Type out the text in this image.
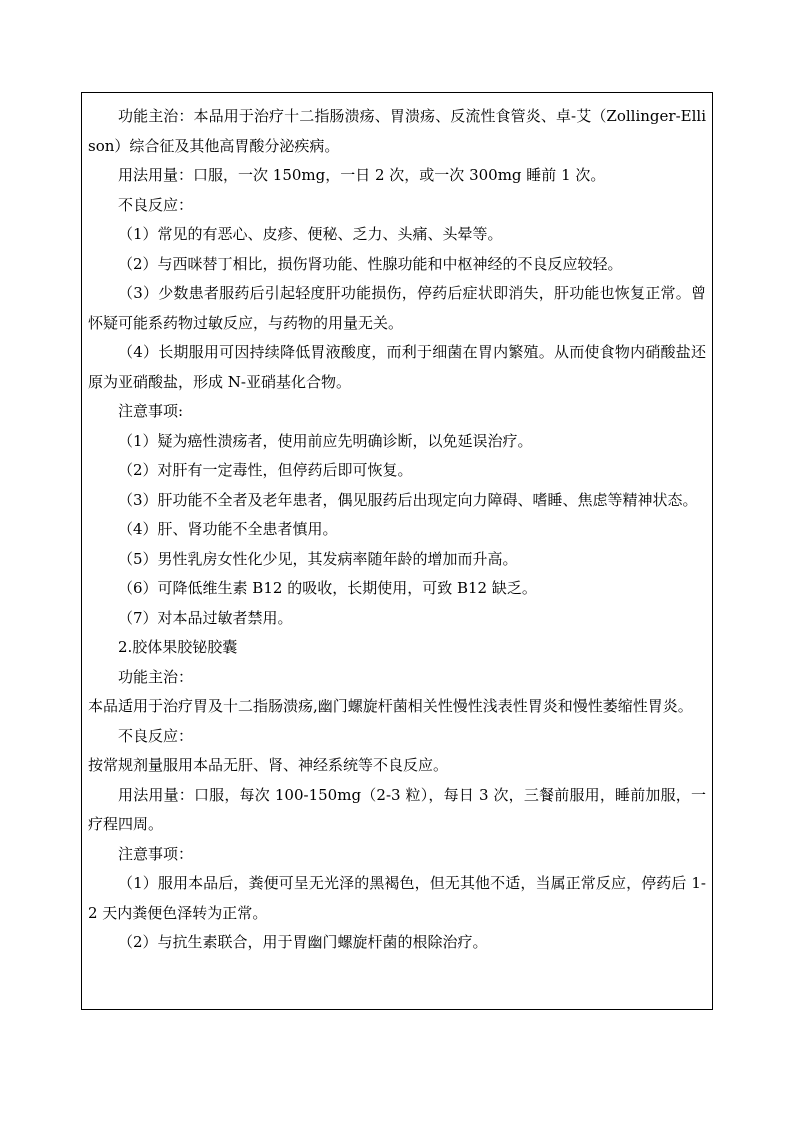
功能主治：本品用于治疗十二指肠溃疡、胃溃疡、反流性食管炎、卓-艾（Zollinger-Ellison）综合征及其他高胃酸分泌疾病。

用法用量：口服，一次 150mg，一日 2 次，或一次 300mg 睡前 1 次。

不良反应：

（1）常见的有恶心、皮疹、便秘、乏力、头痛、头晕等。

（2）与西咪替丁相比，损伤肾功能、性腺功能和中枢神经的不良反应较轻。

（3）少数患者服药后引起轻度肝功能损伤，停药后症状即消失，肝功能也恢复正常。曾怀疑可能系药物过敏反应，与药物的用量无关。

（4）长期服用可因持续降低胃液酸度，而利于细菌在胃内繁殖。从而使食物内硝酸盐还原为亚硝酸盐，形成 N-亚硝基化合物。

注意事项:

（1）疑为癌性溃疡者，使用前应先明确诊断，以免延误治疗。

（2）对肝有一定毒性，但停药后即可恢复。

（3）肝功能不全者及老年患者，偶见服药后出现定向力障碍、嗜睡、焦虑等精神状态。

（4）肝、肾功能不全患者慎用。

（5）男性乳房女性化少见，其发病率随年龄的增加而升高。

（6）可降低维生素 B12 的吸收，长期使用，可致 B12 缺乏。

（7）对本品过敏者禁用。

2.胶体果胶铋胶囊

功能主治：

本品适用于治疗胃及十二指肠溃疡,幽门螺旋杆菌相关性慢性浅表性胃炎和慢性萎缩性胃炎。

不良反应：

按常规剂量服用本品无肝、肾、神经系统等不良反应。

用法用量：口服，每次 100-150mg（2-3 粒），每日 3 次，三餐前服用，睡前加服，一疗程四周。

注意事项：

（1）服用本品后，粪便可呈无光泽的黑褐色，但无其他不适，当属正常反应，停药后 1-2 天内粪便色泽转为正常。

（2）与抗生素联合，用于胃幽门螺旋杆菌的根除治疗。
